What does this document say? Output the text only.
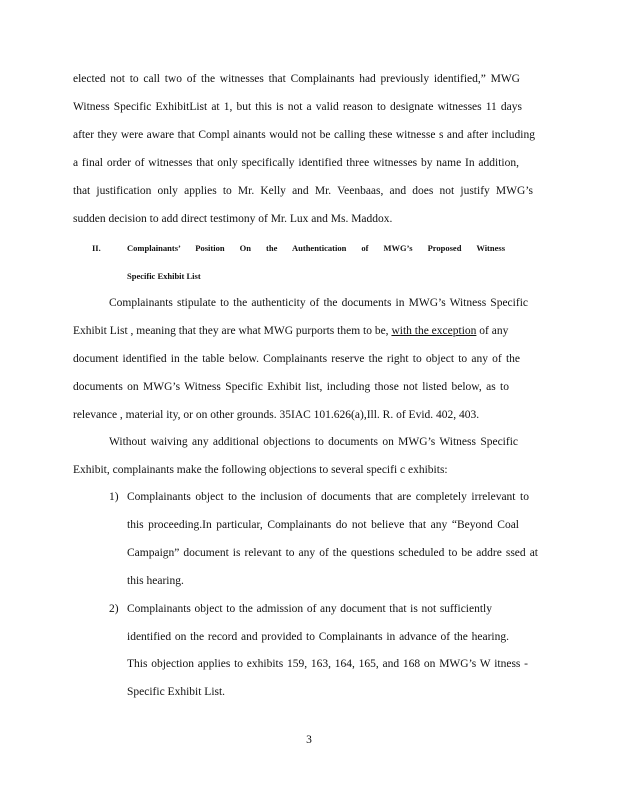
elected not to call two of the witnesses that Complainants had previously identified,” MWG
Witness Specific ExhibitList at 1, but this is not a valid reason to designate witnesses 11 days
after they were aware that Compl ainants would not be calling these witnesse s and after including
a final order of witnesses that only specifically identified three witnesses by name In addition,
that justification only applies to Mr. Kelly and Mr. Veenbaas, and does not justify MWG’s
sudden decision to add direct testimony of Mr. Lux and Ms. Maddox.
II.	Complainants’ Position On the Authentication of MWG’s Proposed Witness
Specific Exhibit List
Complainants stipulate to the authenticity of the documents in MWG’s Witness Specific
Exhibit List , meaning that they are what MWG purports them to be, with the exception of any
document identified in the table below. Complainants reserve the right to object to any of the
documents on MWG’s Witness Specific Exhibit list, including those not listed below, as to
relevance , material ity, or on other grounds. 35IAC 101.626(a),Ill. R. of Evid. 402, 403.
Without waiving any additional objections to documents on MWG’s Witness Specific
Exhibit, complainants make the following objections to several specifi c exhibits:
1) Complainants object to the inclusion of documents that are completely irrelevant to
this proceeding.In particular, Complainants do not believe that any “Beyond Coal
Campaign” document is relevant to any of the questions scheduled to be addre ssed at
this hearing.
2) Complainants object to the admission of any document that is not sufficiently
identified on the record and provided to Complainants in advance of the hearing.
This objection applies to exhibits 159, 163, 164, 165, and 168 on MWG’s W itness -
Specific Exhibit List.
3
